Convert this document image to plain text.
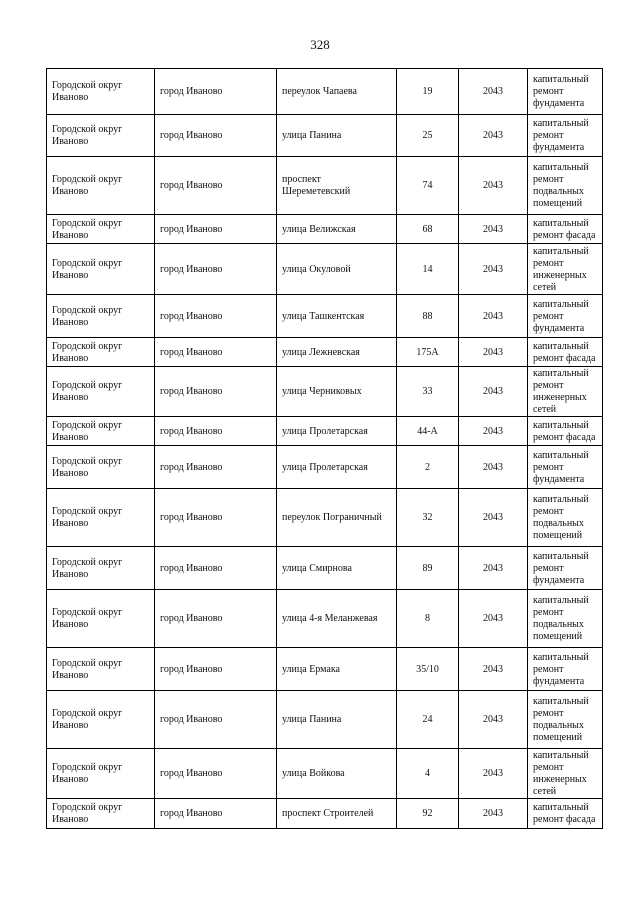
328
Городской округ Иваново	город Иваново	переулок Чапаева	19	2043	капитальный ремонт фундамента
Городской округ Иваново	город Иваново	улица Панина	25	2043	капитальный ремонт фундамента
Городской округ Иваново	город Иваново	проспект Шереметевский	74	2043	капитальный ремонт подвальных помещений
Городской округ Иваново	город Иваново	улица Велижская	68	2043	капитальный ремонт фасада
Городской округ Иваново	город Иваново	улица Окуловой	14	2043	капитальный ремонт инженерных сетей
Городской округ Иваново	город Иваново	улица Ташкентская	88	2043	капитальный ремонт фундамента
Городской округ Иваново	город Иваново	улица Лежневская	175А	2043	капитальный ремонт фасада
Городской округ Иваново	город Иваново	улица Черниковых	33	2043	капитальный ремонт инженерных сетей
Городской округ Иваново	город Иваново	улица Пролетарская	44-А	2043	капитальный ремонт фасада
Городской округ Иваново	город Иваново	улица Пролетарская	2	2043	капитальный ремонт фундамента
Городской округ Иваново	город Иваново	переулок Пограничный	32	2043	капитальный ремонт подвальных помещений
Городской округ Иваново	город Иваново	улица Смирнова	89	2043	капитальный ремонт фундамента
Городской округ Иваново	город Иваново	улица 4-я Меланжевая	8	2043	капитальный ремонт подвальных помещений
Городской округ Иваново	город Иваново	улица Ермака	35/10	2043	капитальный ремонт фундамента
Городской округ Иваново	город Иваново	улица Панина	24	2043	капитальный ремонт подвальных помещений
Городской округ Иваново	город Иваново	улица Войкова	4	2043	капитальный ремонт инженерных сетей
Городской округ Иваново	город Иваново	проспект Строителей	92	2043	капитальный ремонт фасада
